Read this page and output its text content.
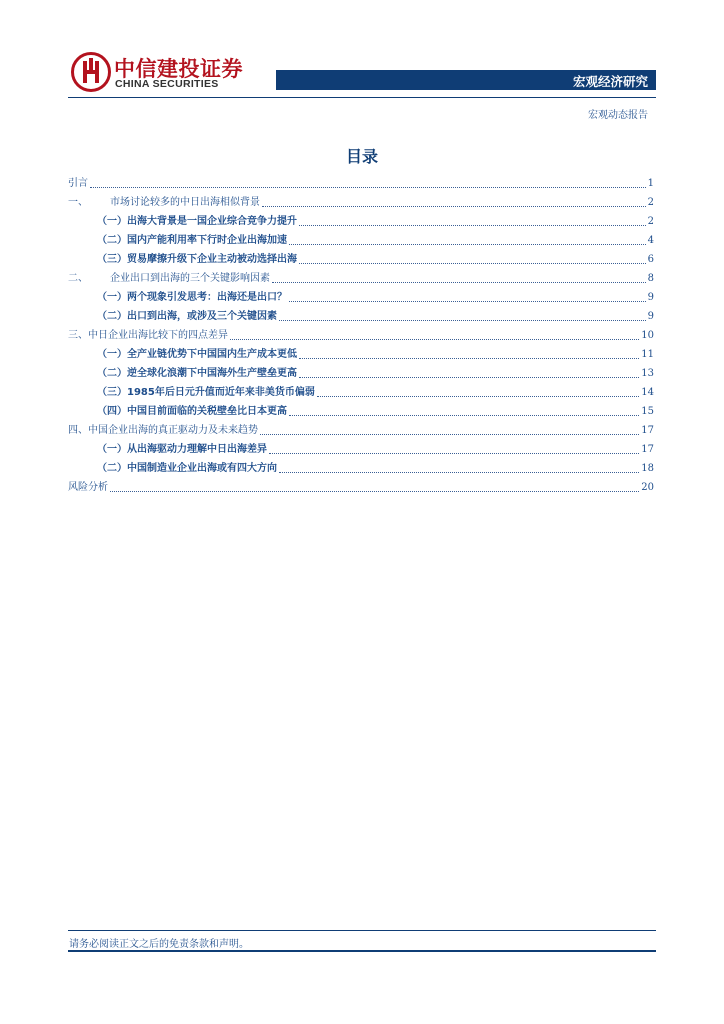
中信建投证券
CHINA SECURITIES	宏观经济研究
宏观动态报告
目录
引言	1
一、	市场讨论较多的中日出海相似背景	2
（一）出海大背景是一国企业综合竞争力提升	2
（二）国内产能利用率下行时企业出海加速	4
（三）贸易摩擦升级下企业主动被动选择出海	6
二、	企业出口到出海的三个关键影响因素	8
（一）两个现象引发思考：出海还是出口？	9
（二）出口到出海，或涉及三个关键因素	9
三、中日企业出海比较下的四点差异	10
（一）全产业链优势下中国国内生产成本更低	11
（二）逆全球化浪潮下中国海外生产壁垒更高	13
（三）1985年后日元升值而近年来非美货币偏弱	14
（四）中国目前面临的关税壁垒比日本更高	15
四、中国企业出海的真正驱动力及未来趋势	17
（一）从出海驱动力理解中日出海差异	17
（二）中国制造业企业出海或有四大方向	18
风险分析	20
请务必阅读正文之后的免责条款和声明。
